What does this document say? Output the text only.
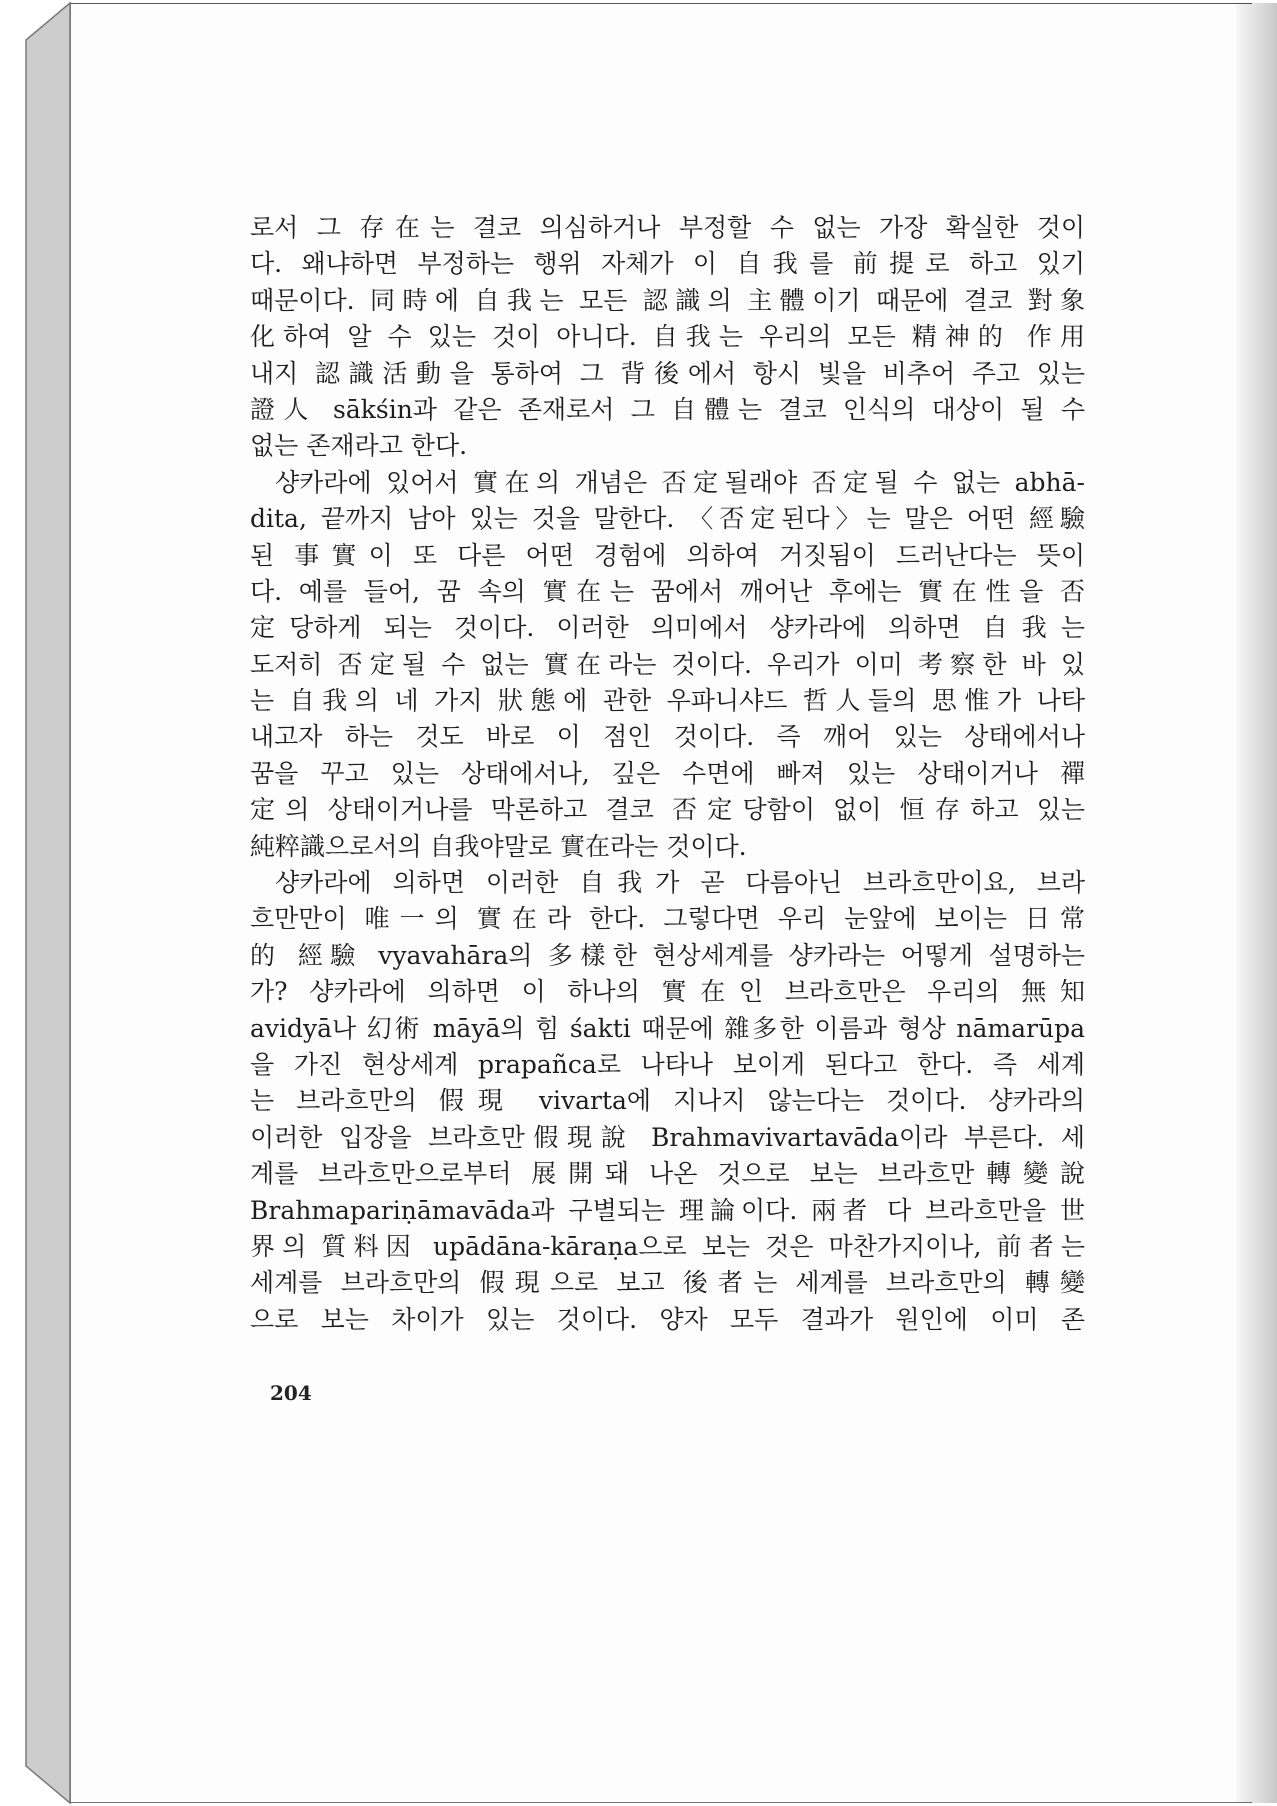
로서 그 存在는 결코 의심하거나 부정할 수 없는 가장 확실한 것이
다. 왜냐하면 부정하는 행위 자체가 이 自我를 前提로 하고 있기
때문이다. 同時에 自我는 모든 認識의 主體이기 때문에 결코 對象
化하여 알 수 있는 것이 아니다. 自我는 우리의 모든 精神的 作用
내지 認識活動을 통하여 그 背後에서 항시 빛을 비추어 주고 있는
證人 sākśin과 같은 존재로서 그 自體는 결코 인식의 대상이 될 수
없는 존재라고 한다.
샹카라에 있어서 實在의 개념은 否定될래야 否定될 수 없는 abhā-
dita, 끝까지 남아 있는 것을 말한다. 〈否定된다〉는 말은 어떤 經驗
된 事實이 또 다른 어떤 경험에 의하여 거짓됨이 드러난다는 뜻이
다. 예를 들어, 꿈 속의 實在는 꿈에서 깨어난 후에는 實在性을 否
定당하게 되는 것이다. 이러한 의미에서 샹카라에 의하면 自我는
도저히 否定될 수 없는 實在라는 것이다. 우리가 이미 考察한 바 있
는 自我의 네 가지 狀態에 관한 우파니샤드 哲人들의 思惟가 나타
내고자 하는 것도 바로 이 점인 것이다. 즉 깨어 있는 상태에서나
꿈을 꾸고 있는 상태에서나, 깊은 수면에 빠져 있는 상태이거나 禪
定의 상태이거나를 막론하고 결코 否定당함이 없이 恒存하고 있는
純粹識으로서의 自我야말로 實在라는 것이다.
샹카라에 의하면 이러한 自我가 곧 다름아닌 브라흐만이요, 브라
흐만만이 唯一의 實在라 한다. 그렇다면 우리 눈앞에 보이는 日常
的 經驗 vyavahāra의 多樣한 현상세계를 샹카라는 어떻게 설명하는
가? 샹카라에 의하면 이 하나의 實在인 브라흐만은 우리의 無知
avidyā나 幻術 māyā의 힘 śakti 때문에 雜多한 이름과 형상 nāmarūpa
을 가진 현상세계 prapañca로 나타나 보이게 된다고 한다. 즉 세계
는 브라흐만의 假現 vivarta에 지나지 않는다는 것이다. 샹카라의
이러한 입장을 브라흐만假現說 Brahmavivartavāda이라 부른다. 세
계를 브라흐만으로부터 展開돼 나온 것으로 보는 브라흐만轉變說
Brahmapariṇāmavāda과 구별되는 理論이다. 兩者 다 브라흐만을 世
界의 質料因 upādāna-kāraṇa으로 보는 것은 마찬가지이나, 前者는
세계를 브라흐만의 假現으로 보고 後者는 세계를 브라흐만의 轉變
으로 보는 차이가 있는 것이다. 양자 모두 결과가 원인에 이미 존
204
